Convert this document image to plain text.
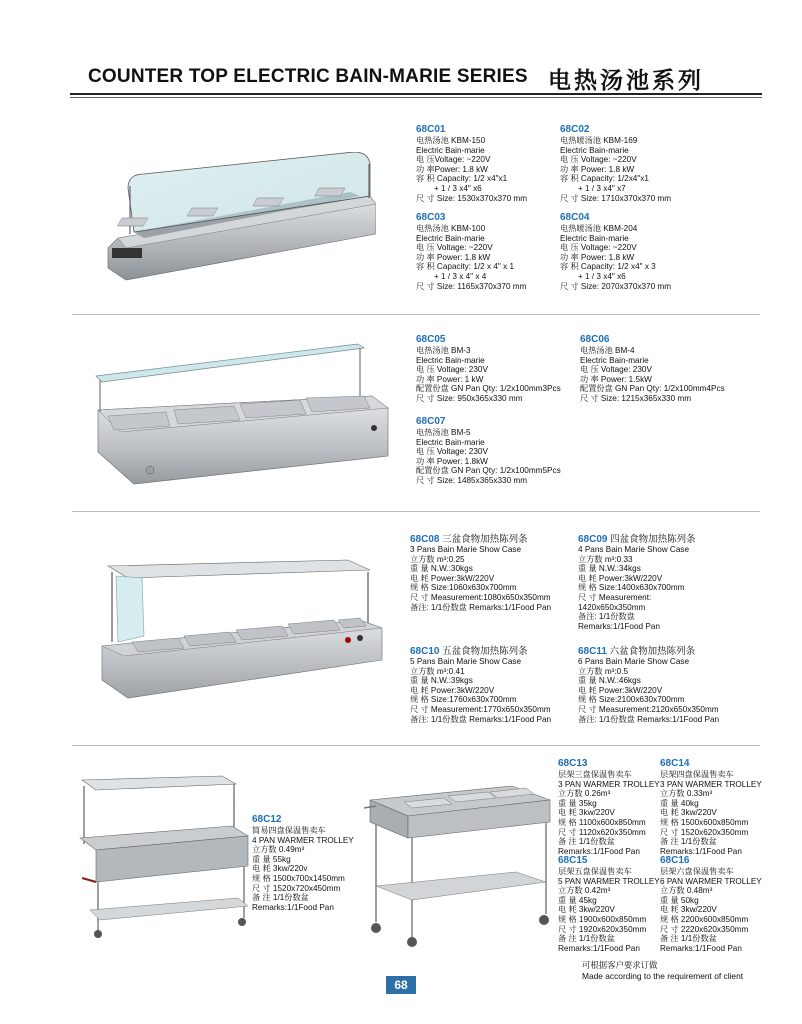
COUNTER TOP ELECTRIC BAIN-MARIE SERIES 电热汤池系列
68C01
电热汤池 KBM-150
Electric Bain-marie
电 压Voltage: ~220V
功 率Power: 1.8 kW
容 积 Capacity: 1/2 x4"x1
+ 1 / 3 x4" x6
尺 寸 Size: 1530x370x370 mm
68C02
电热暖汤池 KBM-169
Electric Bain-marie
电 压 Voltage: ~220V
功 率 Power: 1.8 kW
容 积 Capacity: 1/2x4"x1
+ 1 / 3 x4" x7
尺 寸 Size: 1710x370x370 mm
68C03
电热汤池 KBM-100
Electric Bain-marie
电 压 Voltage: ~220V
功 率 Power: 1.8 kW
容 积 Capacity: 1/2 x 4" x 1
+ 1 / 3 x 4" x 4
尺 寸 Size: 1165x370x370 mm
68C04
电热暖汤池 KBM-204
Electric Bain-marie
电 压 Voltage: ~220V
功 率 Power: 1.8 kW
容 积 Capacity: 1/2 x4" x 3
+ 1 / 3 x4" x6
尺 寸 Size: 2070x370x370 mm
68C05
电热汤池 BM-3
Electric Bain-marie
电 压 Voltage: 230V
功 率 Power: 1 kW
配置份盘 GN Pan Qty: 1/2x100mm3Pcs
尺 寸 Size: 950x365x330 mm
68C06
电热汤池 BM-4
Electric Bain-marie
电 压 Voltage: 230V
功 率 Power: 1.5kW
配置份盘 GN Pan Qty: 1/2x100mm4Pcs
尺 寸 Size: 1215x365x330 mm
68C07
电热汤池 BM-5
Electric Bain-marie
电 压 Voltage: 230V
功 率 Power: 1.8kW
配置份盘 GN Pan Qty: 1/2x100mm5Pcs
尺 寸 Size: 1485x365x330 mm
68C08 三盆食物加热陈列条
3 Pans Bain Marie Show Case
立方数 m³:0.25
重 量 N.W.:30kgs
电 耗 Power:3kW/220V
规 格 Size:1060x630x700mm
尺 寸 Measurement:1080x650x350mm
备注: 1/1份数盘 Remarks:1/1Food Pan
68C09 四盆食物加热陈列条
4 Pans Bain Marie Show Case
立方数 m³:0.33
重 量 N.W.:34kgs
电 耗 Power:3kW/220V
规 格 Size:1400x630x700mm
尺 寸 Measurement:
1420x650x350mm
备注: 1/1份数盘
Remarks:1/1Food Pan
68C10 五盆食物加热陈列条
5 Pans Bain Marie Show Case
立方数 m³:0.41
重 量 N.W.:39kgs
电 耗 Power:3kW/220V
规 格 Size:1760x630x700mm
尺 寸 Measurement:1770x650x350mm
备注: 1/1份数盘 Remarks:1/1Food Pan
68C11 六盆食物加热陈列条
6 Pans Bain Marie Show Case
立方数 m³:0.5
重 量 N.W.:46kgs
电 耗 Power:3kW/220V
规 格 Size:2100x630x700mm
尺 寸 Measurement:2120x650x350mm
备注: 1/1份数盘 Remarks:1/1Food Pan
68C12
简易四盘保温售卖车
4 PAN WARMER TROLLEY
立方数 0.49m³
重 量 55kg
电 耗 3kw/220v
规 格 1500x700x1450mm
尺 寸 1520x720x450mm
备 注 1/1份数盆
Remarks:1/1Food Pan
68C13
层架三盘保温售卖车
3 PAN WARMER TROLLEY
立方数 0.26m³
重 量 35kg
电 耗 3kw/220V
规 格 1100x600x850mm
尺 寸 1120x620x350mm
备 注 1/1份数盆
Remarks:1/1Food Pan
68C14
层架四盘保温售卖车
3 PAN WARMER TROLLEY
立方数 0.33m³
重 量 40kg
电 耗 3kw/220V
规 格 1500x600x850mm
尺 寸 1520x620x350mm
备 注 1/1份数盆
Remarks:1/1Food Pan
68C15
层架五盘保温售卖车
5 PAN WARMER TROLLEY
立方数 0.42m³
重 量 45kg
电 耗 3kw/220V
规 格 1900x600x850mm
尺 寸 1920x620x350mm
备 注 1/1份数盆
Remarks:1/1Food Pan
68C16
层架六盘保温售卖车
6 PAN WARMER TROLLEY
立方数 0.48m³
重 量 50kg
电 耗 3kw/220V
规 格 2200x600x850mm
尺 寸 2220x620x350mm
备 注 1/1份数盆
Remarks:1/1Food Pan
可根据客户要求订做
Made according to the requirement of client
68
